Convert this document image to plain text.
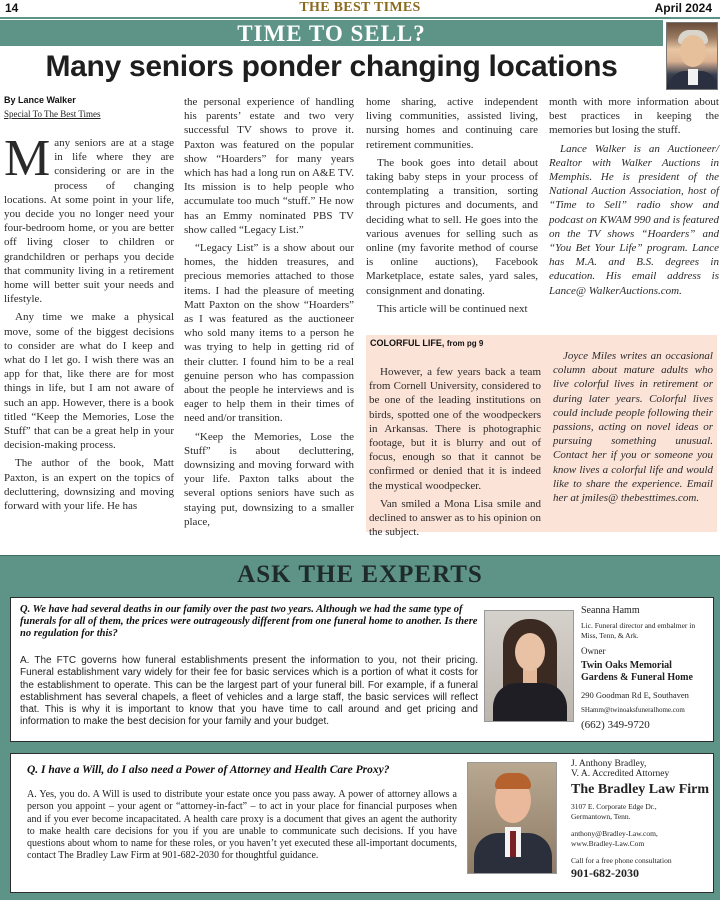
14	THE BEST TIMES	April 2024
TIME TO SELL?
Many seniors ponder changing locations
By Lance Walker
Special To The Best Times

Many seniors are at a stage in life where they are considering or are in the process of changing locations. At some point in your life, you decide you no longer need your four-bedroom home, or you are better off living closer to children or grandchildren or perhaps you decide that community living in a retirement home will better suit your needs and lifestyle.

Any time we make a physical move, some of the biggest decisions to consider are what do I keep and what do I let go. I wish there was an app for that, like there are for most things in life, but I am not aware of such an app. However, there is a book titled “Keep the Memories, Lose the Stuff” that can be a great help in your decision-making process.

The author of the book, Matt Paxton, is an expert on the topics of decluttering, downsizing and moving forward with your life. He has

the personal experience of handling his parents’ estate and two very successful TV shows to prove it. Paxton was featured on the popular show “Hoarders” for many years which has had a long run on A&E TV. Its mission is to help people who accumulate too much “stuff.” He now has an Emmy nominated PBS TV show called “Legacy List.”

“Legacy List” is a show about our homes, the hidden treasures, and precious memories attached to those items. I had the pleasure of meeting Matt Paxton on the show “Hoarders” as I was featured as the auctioneer who sold many items to a person he was trying to help in getting rid of their clutter. I found him to be a real genuine person who has compassion about the people he interviews and is eager to help them in their times of need and/or transition.

“Keep the Memories, Lose the Stuff” is about decluttering, downsizing and moving forward with your life. Paxton talks about the several options seniors have such as staying put, downsizing to a smaller place,

home sharing, active independent living communities, assisted living, nursing homes and continuing care retirement communities.

The book goes into detail about taking baby steps in your process of contemplating a transition, sorting through pictures and documents, and deciding what to sell. He goes into the various avenues for selling such as online (my favorite method of course is online auctions), Facebook Marketplace, estate sales, yard sales, consignment and donating.

This article will be continued next

month with more information about best practices in keeping the memories but losing the stuff.

Lance Walker is an Auctioneer/ Realtor with Walker Auctions in Memphis. He is president of the National Auction Association, host of “Time to Sell” radio show and podcast on KWAM 990 and is featured on the TV shows “Hoarders” and “You Bet Your Life” program. Lance has M.A. and B.S. degrees in education. His email address is Lance@ WalkerAuctions.com.

COLORFUL LIFE, from pg 9

However, a few years back a team from Cornell University, considered to be one of the leading institutions on birds, spotted one of the woodpeckers in Arkansas. There is photographic footage, but it is blurry and out of focus, enough so that it cannot be confirmed or denied that it is indeed the mystical woodpecker.

Van smiled a Mona Lisa smile and declined to answer as to his opinion on the subject.

Joyce Miles writes an occasional column about mature adults who live colorful lives in retirement or during later years. Colorful lives could include people following their passions, acting on novel ideas or pursuing something unusual. Contact her if you or someone you know lives a colorful life and would like to share the experience. Email her at jmiles@ thebesttimes.com.
ASK THE EXPERTS
Q. We have had several deaths in our family over the past two years. Although we had the same type of funerals for all of them, the prices were outrageously different from one funeral home to another. Is there no regulation for this?
A. The FTC governs how funeral establishments present the information to you, not their pricing. Funeral establishment vary widely for their fee for basic services which is a portion of what it costs for the establishment to operate. This can be the largest part of your funeral bill. For example, if a funeral establishment has several chapels, a fleet of vehicles and a large staff, the basic services will reflect that. This is why it is important to know that you have time to call around and get pricing and information to make the best decision for your family and your budget.
Seanna Hamm
Lic. Funeral director and embalmer in Miss, Tenn, & Ark.
Owner
Twin Oaks Memorial Gardens & Funeral Home
290 Goodman Rd E, Southaven
SHamm@twinoaksfuneralhome.com
(662) 349-9720
Q. I have a Will, do I also need a Power of Attorney and Health Care Proxy?
A. Yes, you do. A Will is used to distribute your estate once you pass away. A power of attorney allows a person you appoint – your agent or “attorney-in-fact” – to act in your place for financial purposes when and if you ever become incapacitated. A health care proxy is a document that gives an agent the authority to make health care decisions for you if you are unable to communicate such decisions. If you have questions about whom to name for these roles, or you haven’t yet executed these all-important documents, contact The Bradley Law Firm at 901-682-2030 for thoughtful guidance.
J. Anthony Bradley,
V. A. Accredited Attorney
The Bradley Law Firm
3107 E. Corporate Edge Dr.,
Germantown, Tenn.
anthony@Bradley-Law.com,
www.Bradley-Law.Com
Call for a free phone consultation
901-682-2030
